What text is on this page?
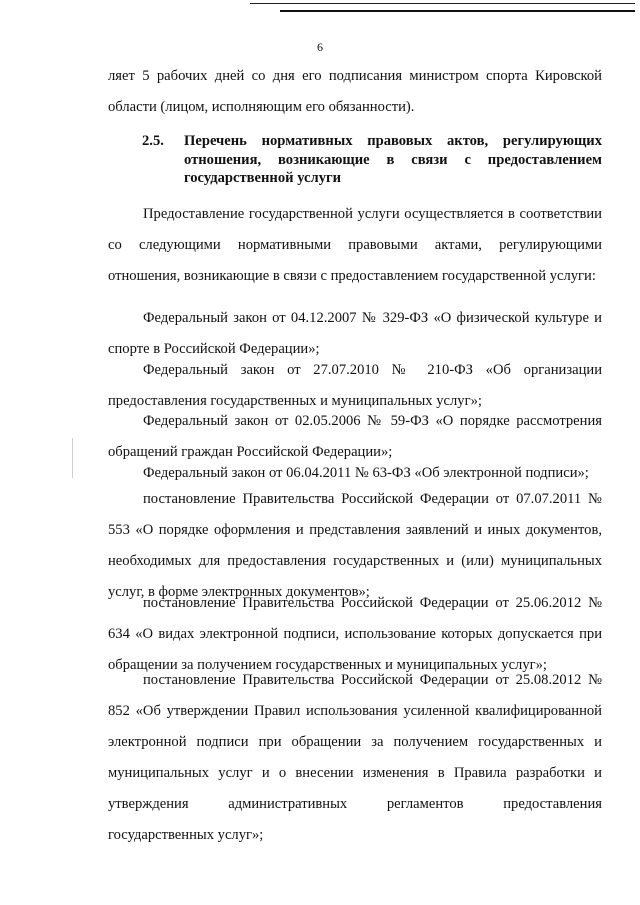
6

ляет 5 рабочих дней со дня его подписания министром спорта Кировской области (лицом, исполняющим его обязанности).

2.5. Перечень нормативных правовых актов, регулирующих отношения, возникающие в связи с предоставлением государственной услуги

Предоставление государственной услуги осуществляется в соответствии со следующими нормативными правовыми актами, регулирующими отношения, возникающие в связи с предоставлением государственной услуги:

Федеральный закон от 04.12.2007 № 329-ФЗ «О физической культуре и спорте в Российской Федерации»;

Федеральный закон от 27.07.2010 № 210-ФЗ «Об организации предоставления государственных и муниципальных услуг»;

Федеральный закон от 02.05.2006 № 59-ФЗ «О порядке рассмотрения обращений граждан Российской Федерации»;

Федеральный закон от 06.04.2011 № 63-ФЗ «Об электронной подписи»;

постановление Правительства Российской Федерации от 07.07.2011 № 553 «О порядке оформления и представления заявлений и иных документов, необходимых для предоставления государственных и (или) муниципальных услуг, в форме электронных документов»;

постановление Правительства Российской Федерации от 25.06.2012 № 634 «О видах электронной подписи, использование которых допускается при обращении за получением государственных и муниципальных услуг»;

постановление Правительства Российской Федерации от 25.08.2012 № 852 «Об утверждении Правил использования усиленной квалифицированной электронной подписи при обращении за получением государственных и муниципальных услуг и о внесении изменения в Правила разработки и утверждения административных регламентов предоставления государственных услуг»;
